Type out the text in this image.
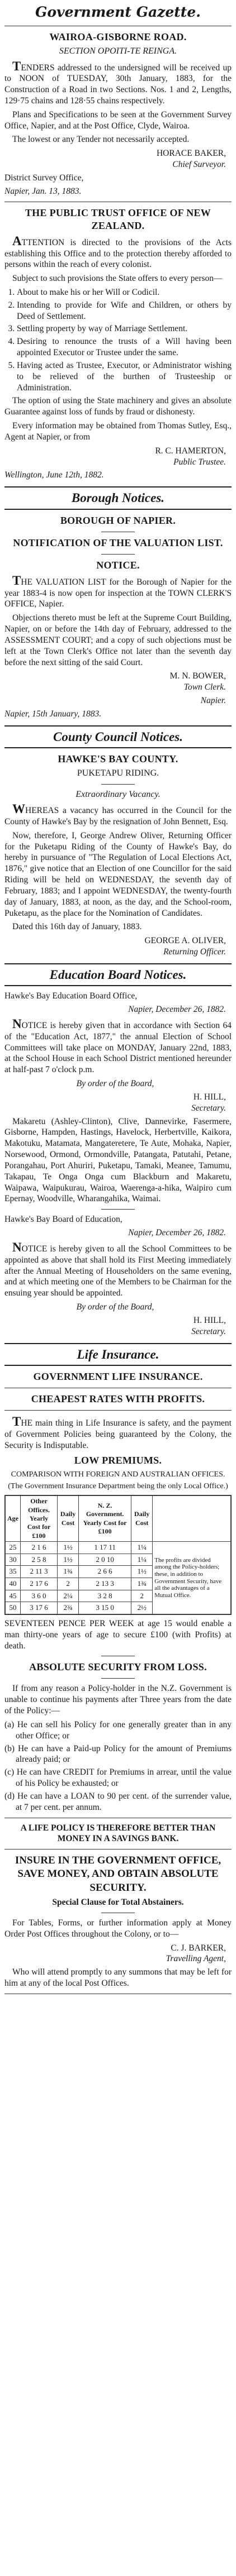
Government Gazette.
WAIROA-GISBORNE ROAD.
SECTION OPOITI-TE REINGA.

TENDERS addressed to the undersigned will be received up to NOON of TUESDAY, 30th January, 1883, for the Construction of a Road in two Sections. Nos. 1 and 2, Lengths, 129·75 chains and 128·55 chains respectively.

Plans and Specifications to be seen at the Government Survey Office, Napier, and at the Post Office, Clyde, Wairoa.

The lowest or any Tender not necessarily accepted.

HORACE BAKER,
Chief Surveyor.

District Survey Office,

Napier, Jan. 13, 1883.

THE PUBLIC TRUST OFFICE OF NEW ZEALAND.

ATTENTION is directed to the provisions of the Acts establishing this Office and to the protection thereby afforded to persons within the reach of every colonist.

Subject to such provisions the State offers to every person—

1. About to make his or her Will or Codicil.
2. Intending to provide for Wife and Children, or others by Deed of Settlement.
3. Settling property by way of Marriage Settlement.
4. Desiring to renounce the trusts of a Will having been appointed Executor or Trustee under the same.
5. Having acted as Trustee, Executor, or Administrator wishing to be relieved of the burthen of Trusteeship or Administration.

The option of using the State machinery and gives an absolute Guarantee against loss of funds by fraud or dishonesty.

Every information may be obtained from Thomas Sutley, Esq., Agent at Napier, or from

R. C. HAMERTON,
Public Trustee.

Wellington, June 12th, 1882.

Borough Notices.
BOROUGH OF NAPIER.
NOTIFICATION OF THE VALUATION LIST.
NOTICE.

THE VALUATION LIST for the Borough of Napier for the year 1883-4 is now open for inspection at the TOWN CLERK'S OFFICE, Napier.

Objections thereto must be left at the Supreme Court Building, Napier, on or before the 14th day of February, addressed to the ASSESSMENT COURT; and a copy of such objections must be left at the Town Clerk's Office not later than the seventh day before the next sitting of the said Court.

M. N. BOWER,
Town Clerk.
Napier.

Napier, 15th January, 1883.

County Council Notices.
HAWKE'S BAY COUNTY.
PUKETAPU RIDING.
Extraordinary Vacancy.

WHEREAS a vacancy has occurred in the Council for the County of Hawke's Bay by the resignation of John Bennett, Esq.

Now, therefore, I, George Andrew Oliver, Returning Officer for the Puketapu Riding of the County of Hawke's Bay, do hereby in pursuance of "The Regulation of Local Elections Act, 1876," give notice that an Election of one Councillor for the said Riding will be held on WEDNESDAY, the seventh day of February, 1883; and I appoint WEDNESDAY, the twenty-fourth day of January, 1883, at noon, as the day, and the School-room, Puketapu, as the place for the Nomination of Candidates.

Dated this 16th day of January, 1883.

GEORGE A. OLIVER,
Returning Officer.
Education Board Notices.

Hawke's Bay Education Board Office,

Napier, December 26, 1882.

NOTICE is hereby given that in accordance with Section 64 of the "Education Act, 1877," the annual Election of School Committees will take place on MONDAY, January 22nd, 1883, at the School House in each School District mentioned hereunder at half-past 7 o'clock p.m.

By order of the Board,
H. HILL,
Secretary.

Makaretu (Ashley-Clinton), Clive, Dannevirke, Fasermere, Gisborne, Hampden, Hastings, Havelock, Herbertville, Kaikora, Makotuku, Matamata, Mangateretere, Te Aute, Mohaka, Napier, Norsewood, Ormond, Ormondville, Patangata, Patutahi, Petane, Porangahau, Port Ahuriri, Puketapu, Tamaki, Meanee, Tamumu, Takapau, Te Onga Onga cum Blackburn and Makaretu, Waipawa, Waipukurau, Wairoa, Waerenga-a-hika, Waipiro cum Epernay, Woodville, Wharangahika, Waimai.

Hawke's Bay Board of Education,

Napier, December 26, 1882.

NOTICE is hereby given to all the School Committees to be appointed as above that shall hold its First Meeting immediately after the Annual Meeting of Householders on the same evening, and at which meeting one of the Members to be Chairman for the ensuing year should be appointed.

By order of the Board,
H. HILL,
Secretary.
Life Insurance.
GOVERNMENT LIFE INSURANCE.
CHEAPEST RATES WITH PROFITS.

THE main thing in Life Insurance is safety, and the payment of Government Policies being guaranteed by the Colony, the Security is Indisputable.

LOW PREMIUMS.
COMPARISON WITH FOREIGN AND AUSTRALIAN OFFICES.
(The Government Insurance Department being the only Local Office.)
Age	Other Offices. Yearly Cost for £100	Daily Cost	N. Z. Government. Yearly Cost for £100	Daily Cost	
25	2 1 6	1½	1 17 11	1¼	The profits are divided among the Policy-holders; these, in addition to Government Security, have all the advantages of a Mutual Office.
30	2 5 8	1½	2 0 10	1¼	
35	2 11 3	1¾	2 6 6	1½	
40	2 17 6	2	2 13 3	1¾	
45	3 6 0	2¼	3 2 8	2	
50	3 17 6	2¾	3 15 0	2½	

SEVENTEEN PENCE PER WEEK at age 15 would enable a man thirty-one years of age to secure £100 (with Profits) at death.

ABSOLUTE SECURITY FROM LOSS.

If from any reason a Policy-holder in the N.Z. Government is unable to continue his payments after Three years from the date of the Policy:—

(a) He can sell his Policy for one generally greater than in any other Office; or
(b) He can have a Paid-up Policy for the amount of Premiums already paid; or
(c) He can have CREDIT for Premiums in arrear, until the value of his Policy be exhausted; or
(d) He can have a LOAN to 90 per cent. of the surrender value, at 7 per cent. per annum.
A LIFE POLICY IS THEREFORE BETTER THAN MONEY IN A SAVINGS BANK.
INSURE IN THE GOVERNMENT OFFICE, SAVE MONEY, AND OBTAIN ABSOLUTE SECURITY.
Special Clause for Total Abstainers.

For Tables, Forms, or further information apply at Money Order Post Offices throughout the Colony, or to—

C. J. BARKER,
Travelling Agent,

Who will attend promptly to any summons that may be left for him at any of the local Post Offices.
